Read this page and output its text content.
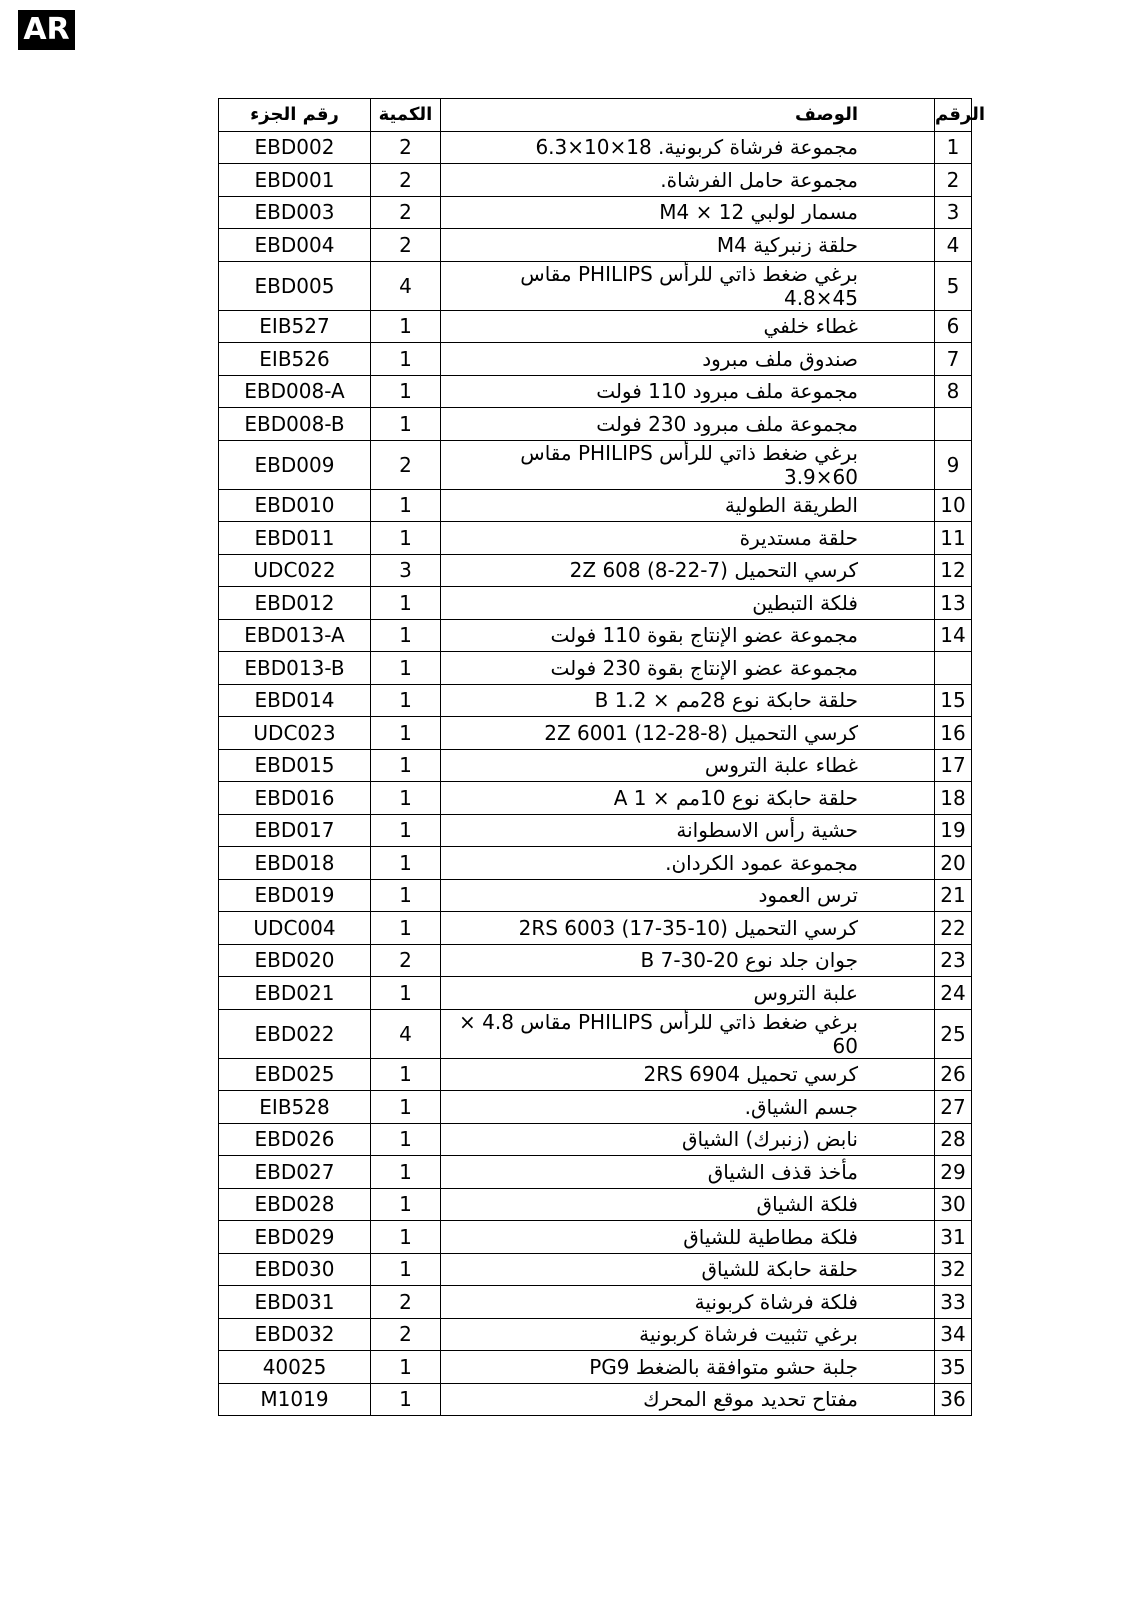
AR
رقم الجزء	الكمية	الوصف	الرقم
EBD002	2	مجموعة فرشاة كربونية. 18×10×6.3	1
EBD001	2	مجموعة حامل الفرشاة.	2
EBD003	2	مسمار لولبي 12 × M4	3
EBD004	2	حلقة زنبركية M4	4
EBD005	4	برغي ضغط ذاتي للرأس PHILIPS مقاس 45×4.8	5
EIB527	1	غطاء خلفي	6
EIB526	1	صندوق ملف مبرود	7
EBD008-A	1	مجموعة ملف مبرود 110 فولت	8
EBD008-B	1	مجموعة ملف مبرود 230 فولت	
EBD009	2	برغي ضغط ذاتي للرأس PHILIPS مقاس 60×3.9	9
EBD010	1	الطريقة الطولية	10
EBD011	1	حلقة مستديرة	11
UDC022	3	كرسي التحميل (7-22-8) 2Z 608	12
EBD012	1	فلكة التبطين	13
EBD013-A	1	مجموعة عضو الإنتاج بقوة 110 فولت	14
EBD013-B	1	مجموعة عضو الإنتاج بقوة 230 فولت	
EBD014	1	حلقة حابكة نوع 28مم × 1.2 B	15
UDC023	1	كرسي التحميل (8-28-12) 2Z 6001	16
EBD015	1	غطاء علبة التروس	17
EBD016	1	حلقة حابكة نوع 10مم × 1 A	18
EBD017	1	حشية رأس الاسطوانة	19
EBD018	1	مجموعة عمود الكردان.	20
EBD019	1	ترس العمود	21
UDC004	1	كرسي التحميل (10-35-17) 2RS 6003	22
EBD020	2	جوان جلد نوع 20-30-7 B	23
EBD021	1	علبة التروس	24
EBD022	4	برغي ضغط ذاتي للرأس PHILIPS مقاس 4.8 × 60	25
EBD025	1	كرسي تحميل 2RS 6904	26
EIB528	1	جسم الشياق.	27
EBD026	1	نابض (زنبرك) الشياق	28
EBD027	1	مأخذ قذف الشياق	29
EBD028	1	فلكة الشياق	30
EBD029	1	فلكة مطاطية للشياق	31
EBD030	1	حلقة حابكة للشياق	32
EBD031	2	فلكة فرشاة كربونية	33
EBD032	2	برغي تثبيت فرشاة كربونية	34
40025	1	جلبة حشو متوافقة بالضغط PG9	35
M1019	1	مفتاح تحديد موقع المحرك	36
